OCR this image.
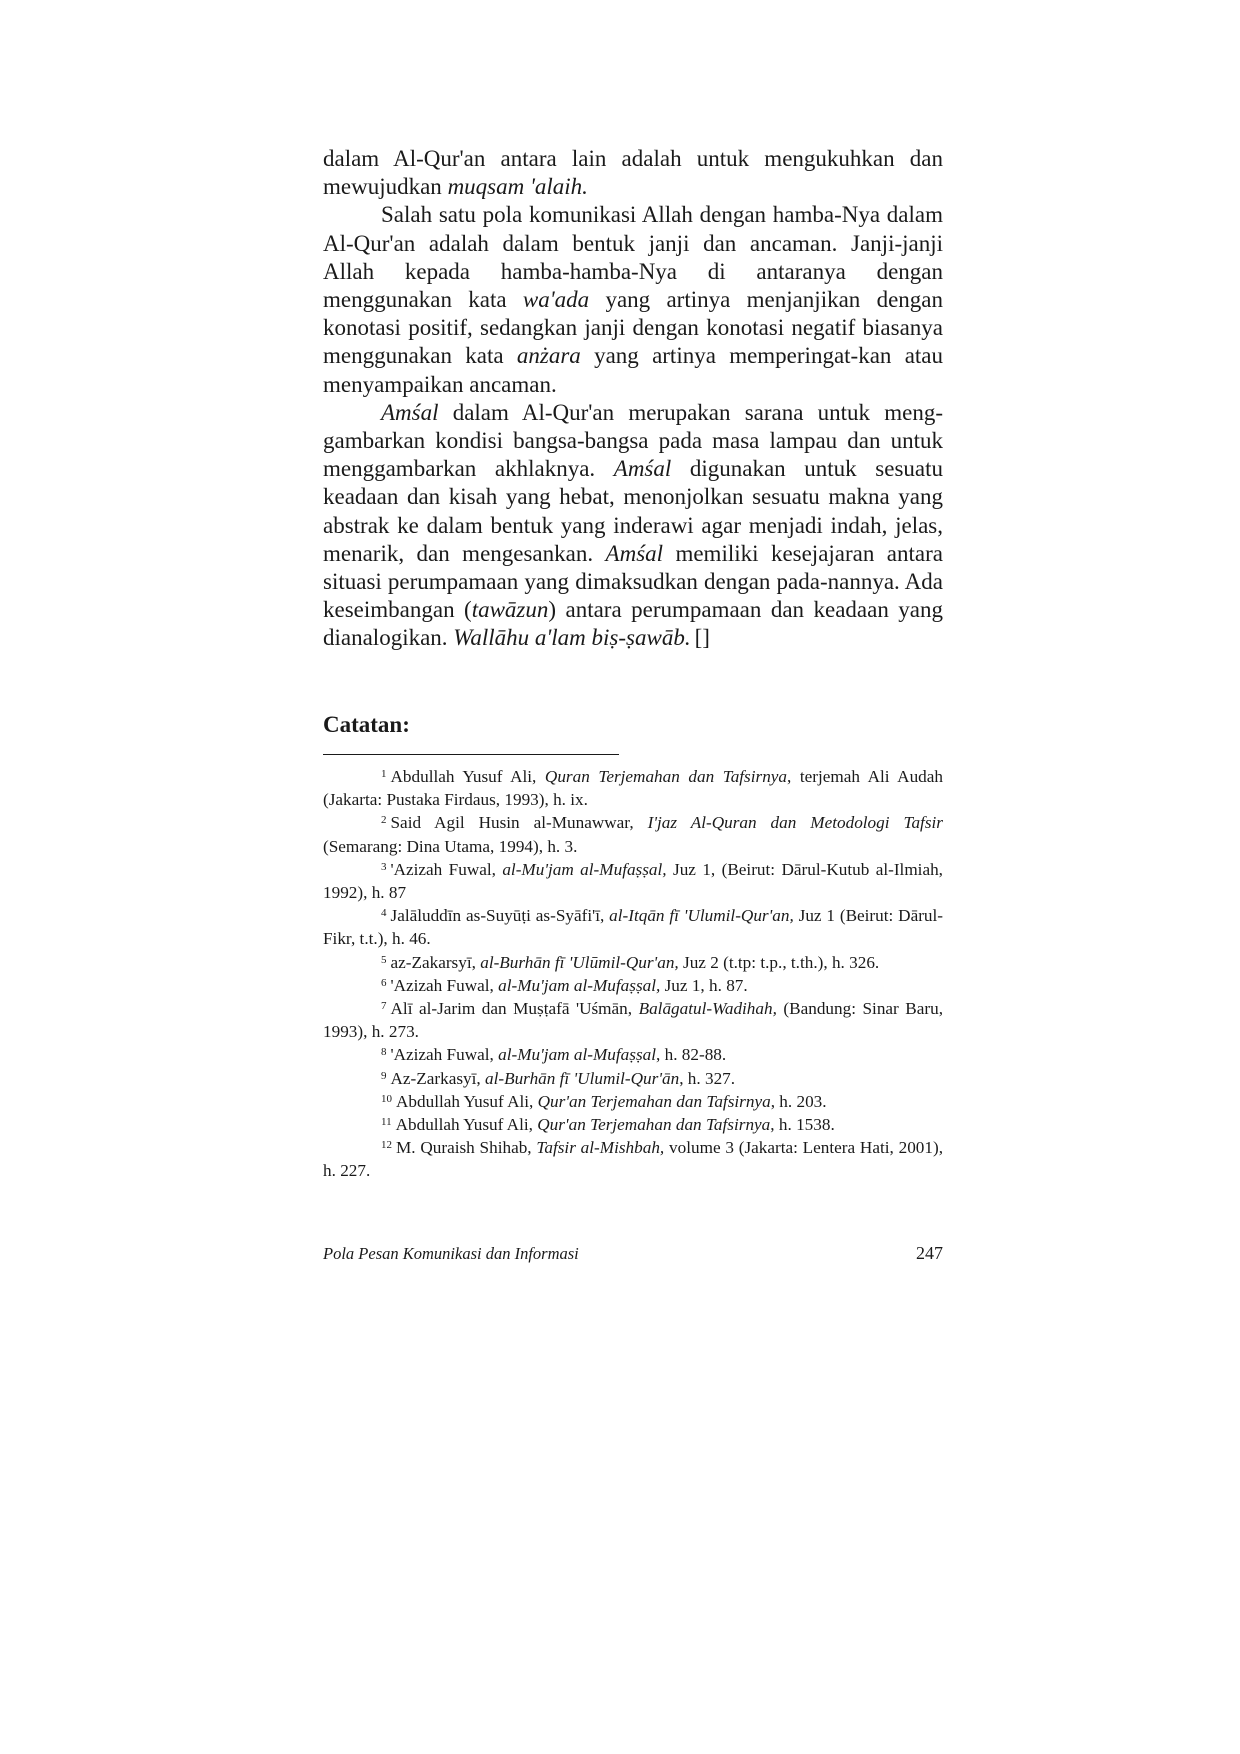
dalam Al-Qur'an antara lain adalah untuk mengukuhkan dan mewujudkan muqsam 'alaih.

Salah satu pola komunikasi Allah dengan hamba-Nya dalam Al-Qur'an adalah dalam bentuk janji dan ancaman. Janji-janji Allah kepada hamba-hamba-Nya di antaranya dengan menggunakan kata wa'ada yang artinya menjanjikan dengan konotasi positif, sedangkan janji dengan konotasi negatif biasanya menggunakan kata anżara yang artinya memperingat-kan atau menyampaikan ancaman.

Amśal dalam Al-Qur'an merupakan sarana untuk meng-gambarkan kondisi bangsa-bangsa pada masa lampau dan untuk menggambarkan akhlaknya. Amśal digunakan untuk sesuatu keadaan dan kisah yang hebat, menonjolkan sesuatu makna yang abstrak ke dalam bentuk yang inderawi agar menjadi indah, jelas, menarik, dan mengesankan. Amśal memiliki kesejajaran antara situasi perumpamaan yang dimaksudkan dengan pada-nannya. Ada keseimbangan (tawāzun) antara perumpamaan dan keadaan yang dianalogikan. Wallāhu a'lam biṣ-ṣawāb. []

Catatan:
$^1$ Abdullah Yusuf Ali, Quran Terjemahan dan Tafsirnya, terjemah Ali Audah (Jakarta: Pustaka Firdaus, 1993), h. ix.
$^2$ Said Agil Husin al-Munawwar, I'jaz Al-Quran dan Metodologi Tafsir (Semarang: Dina Utama, 1994), h. 3.
$^3$ 'Azizah Fuwal, al-Mu'jam al-Mufaṣṣal, Juz 1, (Beirut: Dārul-Kutub al-Ilmiah, 1992), h. 87
$^4$ Jalāluddīn as-Suyūṭi as-Syāfi'ī, al-Itqān fī 'Ulumil-Qur'an, Juz 1 (Beirut: Dārul-Fikr, t.t.), h. 46.
$^5$ az-Zakarsyī, al-Burhān fī 'Ulūmil-Qur'an, Juz 2 (t.tp: t.p., t.th.), h. 326.
$^6$ 'Azizah Fuwal, al-Mu'jam al-Mufaṣṣal, Juz 1, h. 87.
$^7$ Alī al-Jarim dan Muṣṭafā 'Uśmān, Balāgatul-Wadihah, (Bandung: Sinar Baru, 1993), h. 273.
$^8$ 'Azizah Fuwal, al-Mu'jam al-Mufaṣṣal, h. 82-88.
$^9$ Az-Zarkasyī, al-Burhān fī 'Ulumil-Qur'ān, h. 327.
$^{10}$ Abdullah Yusuf Ali, Qur'an Terjemahan dan Tafsirnya, h. 203.
$^{11}$ Abdullah Yusuf Ali, Qur'an Terjemahan dan Tafsirnya, h. 1538.
$^{12}$ M. Quraish Shihab, Tafsir al-Mishbah, volume 3 (Jakarta: Lentera Hati, 2001), h. 227.
Pola Pesan Komunikasi dan Informasi	247
